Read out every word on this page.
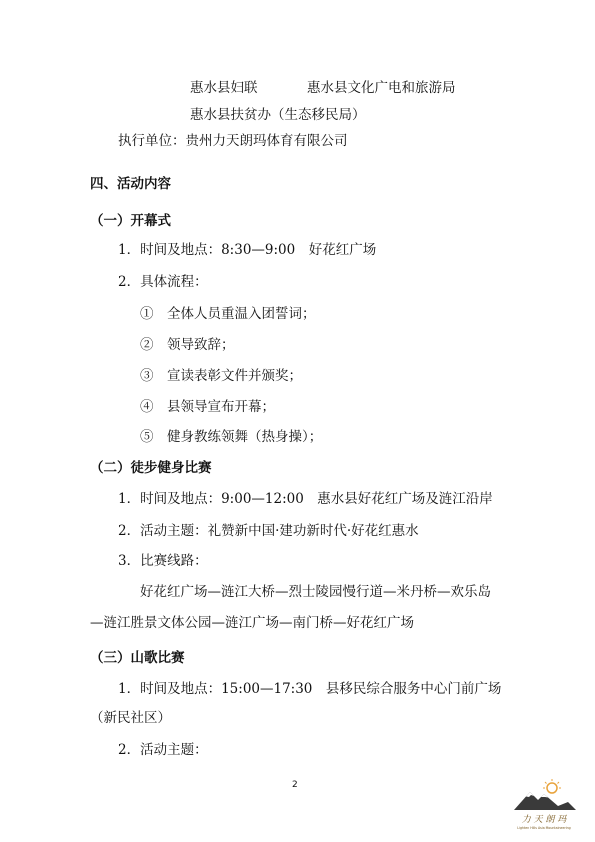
惠水县妇联	惠水县文化广电和旅游局
惠水县扶贫办（生态移民局）
执行单位：贵州力天朗玛体育有限公司
四、活动内容
（一）开幕式
1．时间及地点：8:30—9:00　好花红广场
2．具体流程：
①　全体人员重温入团誓词；
②　领导致辞；
③　宣读表彰文件并颁奖；
④　县领导宣布开幕；
⑤　健身教练领舞（热身操）；
（二）徒步健身比赛
1．时间及地点：9:00—12:00　惠水县好花红广场及涟江沿岸
2．活动主题：礼赞新中国·建功新时代·好花红惠水
3．比赛线路：
好花红广场—涟江大桥—烈士陵园慢行道—米丹桥—欢乐岛
—涟江胜景文体公园—涟江广场—南门桥—好花红广场
（三）山歌比赛
1．时间及地点：15:00—17:30　县移民综合服务中心门前广场
（新民社区）
2．活动主题：
2
力 天 朗 玛
Lighten Hills Asia Mountaineering
